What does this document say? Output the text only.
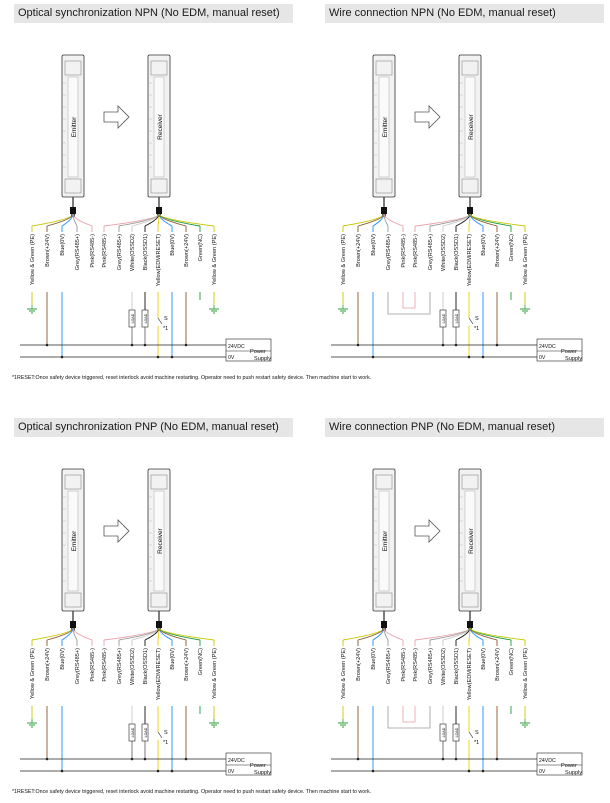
Optical synchronization NPN (No EDM, manual reset)	Wire connection NPN (No EDM, manual reset)
Optical synchronization PNP (No EDM, manual reset)	Wire connection PNP (No EDM, manual reset)
Emitter	Receiver
Yellow & Green (PE) Brown(+24V) Blue(0V) Grey(RS485+) Pink(RS485-) Pink(RS485-) Grey(RS485+) White(OSSD2)
LOAD
Black(OSSD1)
LOAD
Yellow(EDM/RESET)
S
*1
Blue(0V) Brown(+24V) Green(NC) Yellow & Green (PE)
24VDC
0V
Power
Supply
Emitter	Receiver
Yellow & Green (PE) Brown(+24V) Blue(0V) Grey(RS485+) Pink(RS485-) Pink(RS485-) Grey(RS485+) White(OSSD2)
LOAD
Black(OSSD1)
LOAD
Yellow(EDM/RESET)
S
*1
Blue(0V) Brown(+24V) Green(NC) Yellow & Green (PE)
24VDC
0V
Power
Supply
Emitter	Receiver
Yellow & Green (PE) Brown(+24V) Blue(0V) Grey(RS485+) Pink(RS485-) Pink(RS485-) Grey(RS485+) White(OSSD2)
LOAD
Black(OSSD1)
LOAD
Yellow(EDM/RESET)
S
*1
Blue(0V) Brown(+24V) Green(NC) Yellow & Green (PE)
24VDC
0V
Power
Supply
Emitter	Receiver
Yellow & Green (PE) Brown(+24V) Blue(0V) Grey(RS485+) Pink(RS485-) Pink(RS485-) Grey(RS485+) White(OSSD2)
LOAD
Black(OSSD1)
LOAD
Yellow(EDM/RESET)
S
*1
Blue(0V) Brown(+24V) Green(NC) Yellow & Green (PE)
24VDC
0V
Power
Supply
*1RESET:Once safety device triggered, reset interlock avoid machine restarting. Operator need to push restart safety device. Then machine start to work.
*1RESET:Once safety device triggered, reset interlock avoid machine restarting. Operator need to push restart safety device. Then machine start to work.
